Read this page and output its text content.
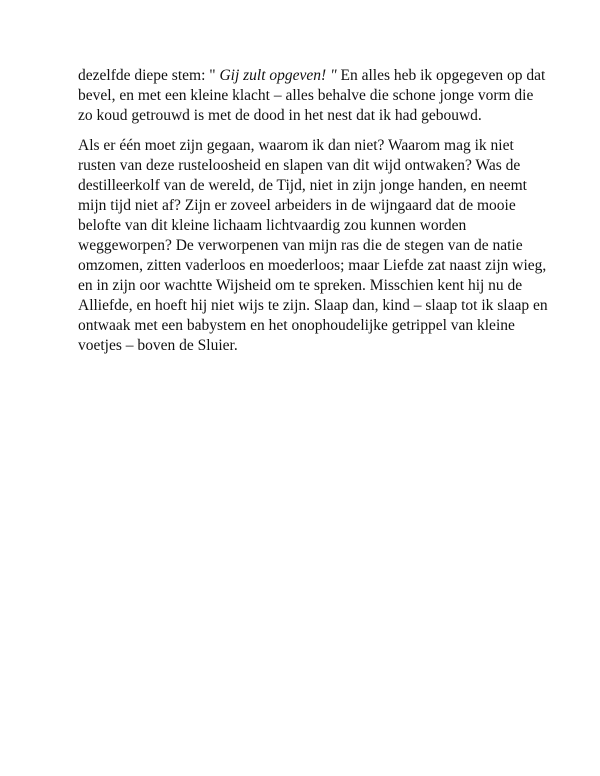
dezelfde diepe stem: " Gij zult opgeven! " En alles heb ik opgegeven op dat
bevel, en met een kleine klacht – alles behalve die schone jonge vorm die
zo koud getrouwd is met de dood in het nest dat ik had gebouwd.
Als er één moet zijn gegaan, waarom ik dan niet? Waarom mag ik niet
rusten van deze rusteloosheid en slapen van dit wijd ontwaken? Was de
destilleerkolf van de wereld, de Tijd, niet in zijn jonge handen, en neemt
mijn tijd niet af? Zijn er zoveel arbeiders in de wijngaard dat de mooie
belofte van dit kleine lichaam lichtvaardig zou kunnen worden
weggeworpen? De verworpenen van mijn ras die de stegen van de natie
omzomen, zitten vaderloos en moederloos; maar Liefde zat naast zijn wieg,
en in zijn oor wachtte Wijsheid om te spreken. Misschien kent hij nu de
Alliefde, en hoeft hij niet wijs te zijn. Slaap dan, kind – slaap tot ik slaap en
ontwaak met een babystem en het onophoudelijke getrippel van kleine
voetjes – boven de Sluier.
